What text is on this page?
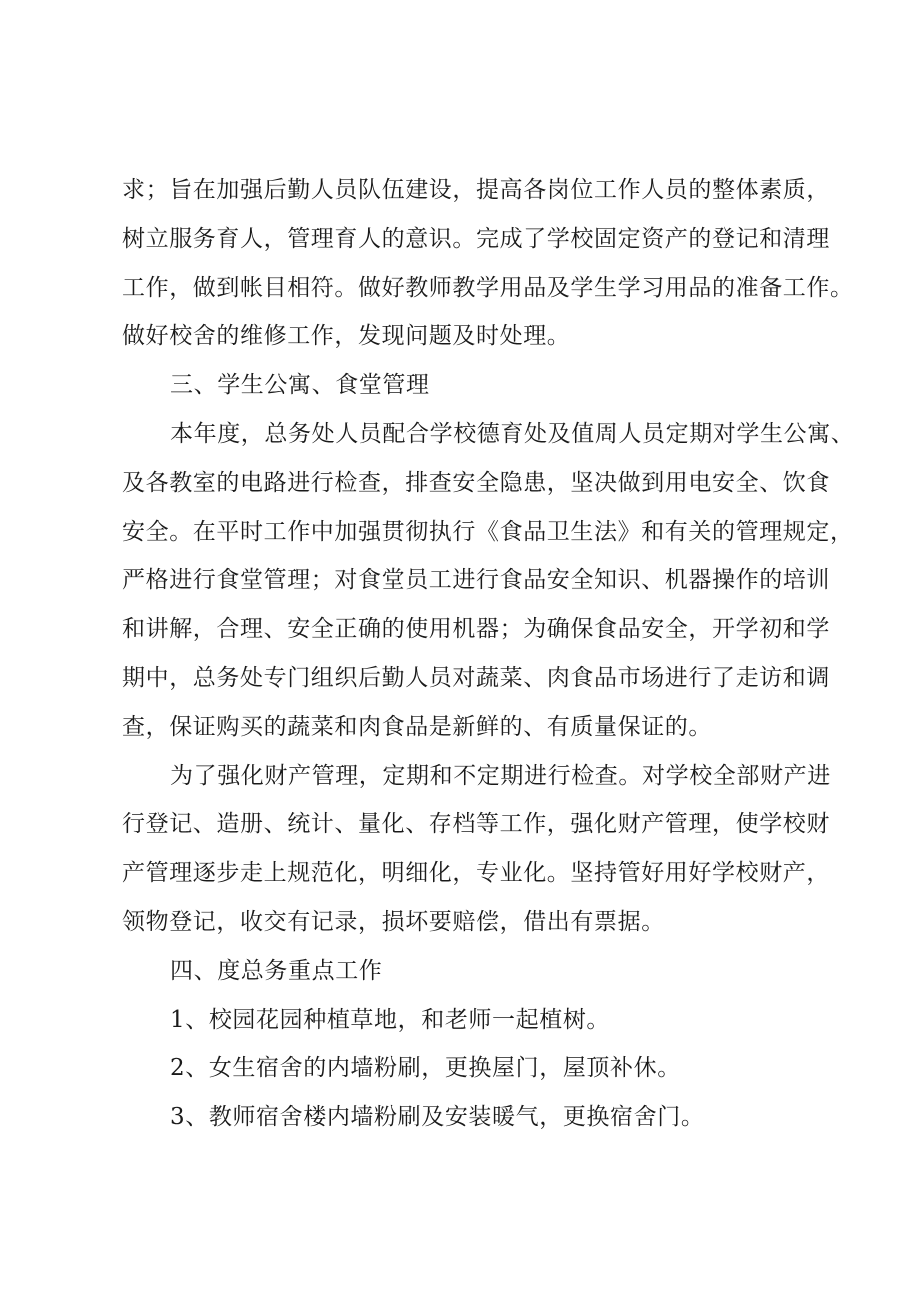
求；旨在加强后勤人员队伍建设，提高各岗位工作人员的整体素质，
树立服务育人，管理育人的意识。完成了学校固定资产的登记和清理
工作，做到帐目相符。做好教师教学用品及学生学习用品的准备工作。
做好校舍的维修工作，发现问题及时处理。
三、学生公寓、食堂管理
本年度，总务处人员配合学校德育处及值周人员定期对学生公寓、
及各教室的电路进行检查，排查安全隐患，坚决做到用电安全、饮食
安全。在平时工作中加强贯彻执行《食品卫生法》和有关的管理规定，
严格进行食堂管理；对食堂员工进行食品安全知识、机器操作的培训
和讲解，合理、安全正确的使用机器；为确保食品安全，开学初和学
期中，总务处专门组织后勤人员对蔬菜、肉食品市场进行了走访和调
查，保证购买的蔬菜和肉食品是新鲜的、有质量保证的。
为了强化财产管理，定期和不定期进行检查。对学校全部财产进
行登记、造册、统计、量化、存档等工作，强化财产管理，使学校财
产管理逐步走上规范化，明细化，专业化。坚持管好用好学校财产，
领物登记，收交有记录，损坏要赔偿，借出有票据。
四、度总务重点工作
1、校园花园种植草地，和老师一起植树。
2、女生宿舍的内墙粉刷，更换屋门，屋顶补休。
3、教师宿舍楼内墙粉刷及安装暖气，更换宿舍门。
